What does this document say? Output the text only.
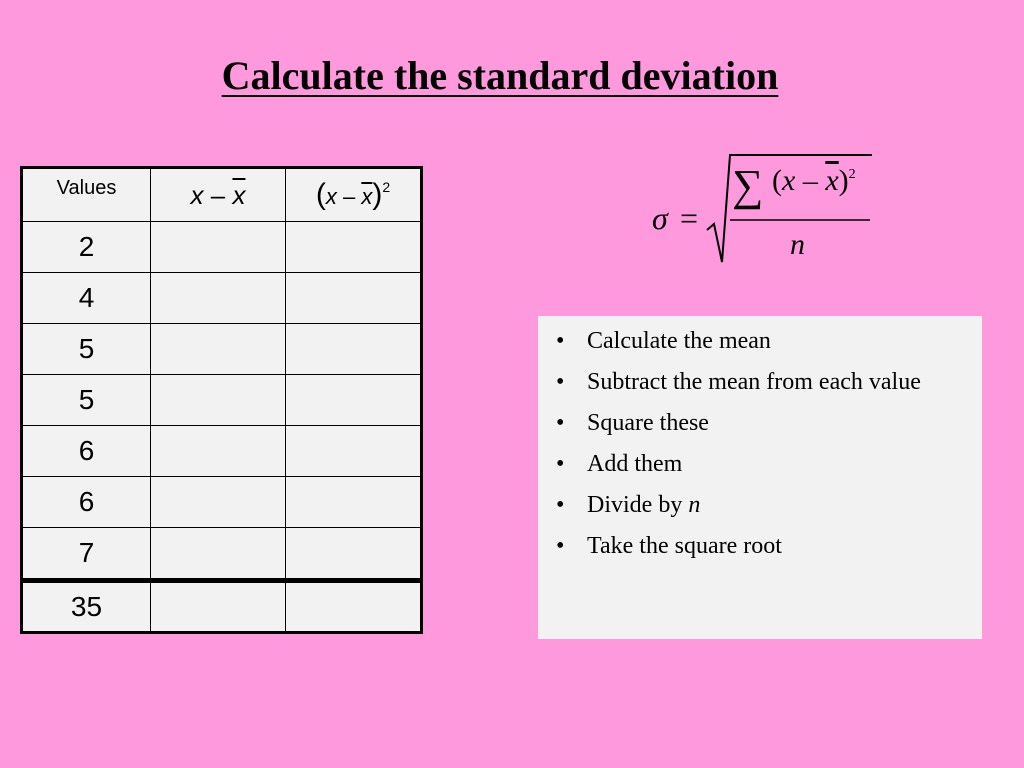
Calculate the standard deviation
Values	x – $\overline{x}$	$(x - \overline{x})^2$
2		
4		
5		
5		
6		
6		
7		
35		
σ =
∑ $(x - \overline{x})^2$
n
• Calculate the mean
• Subtract the mean from each value
• Square these
• Add them
• Divide by n
• Take the square root
